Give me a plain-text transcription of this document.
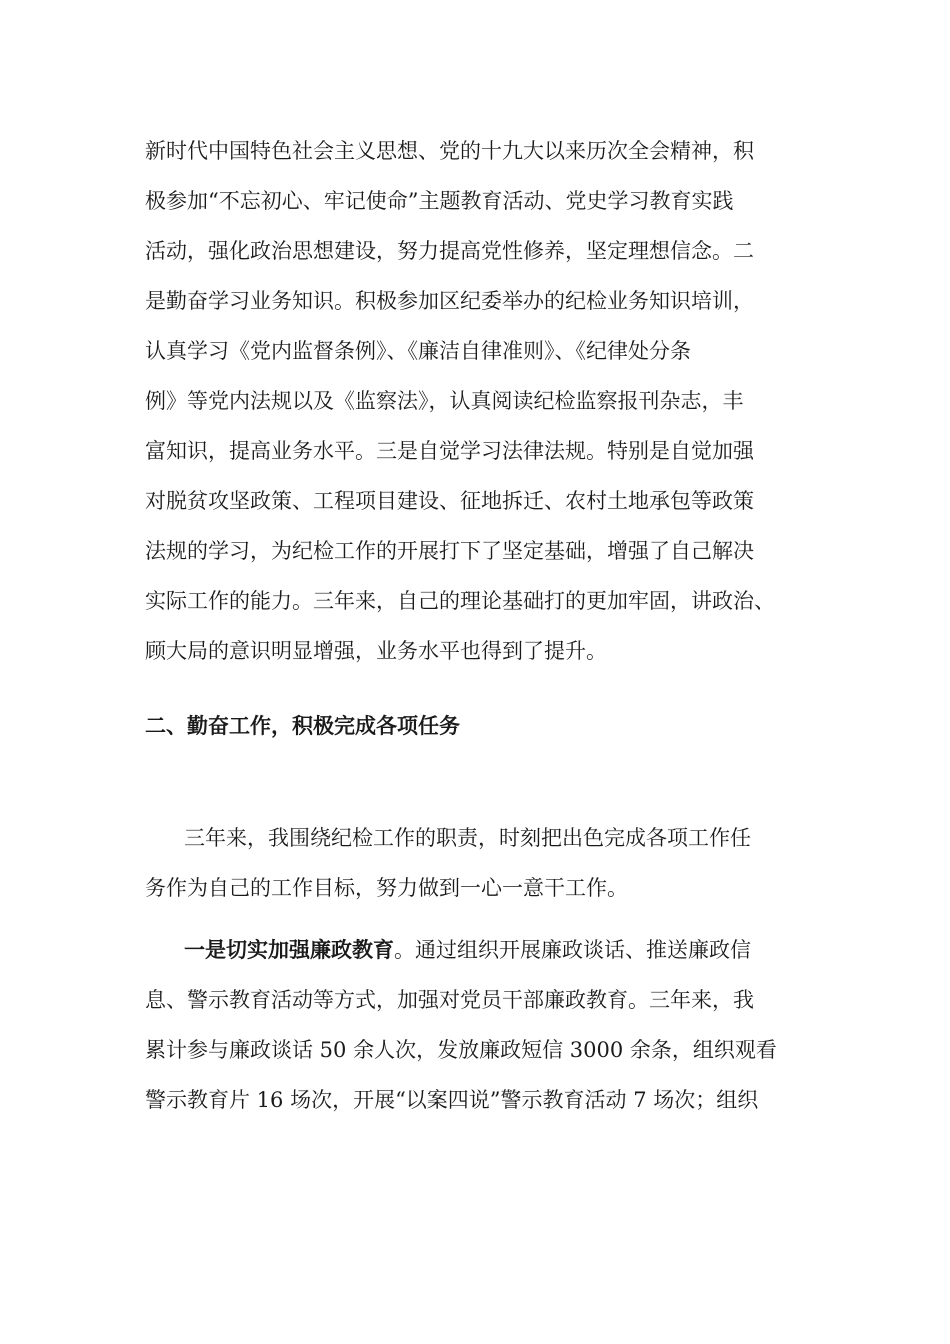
新时代中国特色社会主义思想、党的十九大以来历次全会精神，积
极参加“不忘初心、牢记使命”主题教育活动、党史学习教育实践
活动，强化政治思想建设，努力提高党性修养，坚定理想信念。二
是勤奋学习业务知识。积极参加区纪委举办的纪检业务知识培训，
认真学习《党内监督条例》、《廉洁自律准则》、《纪律处分条
例》等党内法规以及《监察法》，认真阅读纪检监察报刊杂志，丰
富知识，提高业务水平。三是自觉学习法律法规。特别是自觉加强
对脱贫攻坚政策、工程项目建设、征地拆迁、农村土地承包等政策
法规的学习，为纪检工作的开展打下了坚定基础，增强了自己解决
实际工作的能力。三年来，自己的理论基础打的更加牢固，讲政治、
顾大局的意识明显增强，业务水平也得到了提升。
二、勤奋工作，积极完成各项任务
三年来，我围绕纪检工作的职责，时刻把出色完成各项工作任
务作为自己的工作目标，努力做到一心一意干工作。
一是切实加强廉政教育。通过组织开展廉政谈话、推送廉政信
息、警示教育活动等方式，加强对党员干部廉政教育。三年来，我
累计参与廉政谈话 50 余人次，发放廉政短信 3000 余条，组织观看
警示教育片 16 场次，开展“以案四说”警示教育活动 7 场次；组织
